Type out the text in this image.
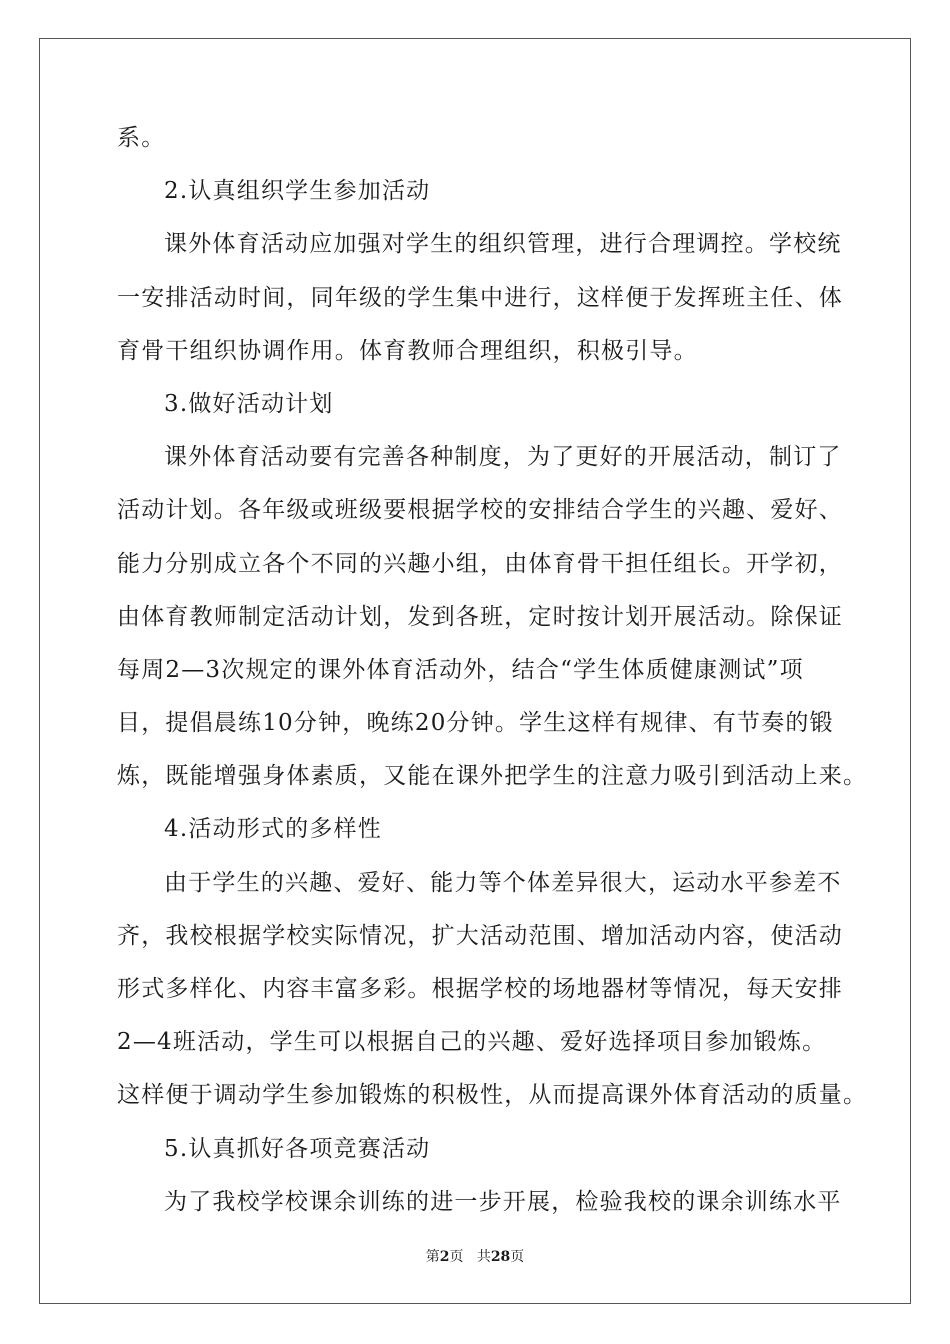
系。
2.认真组织学生参加活动
课外体育活动应加强对学生的组织管理，进行合理调控。学校统
一安排活动时间，同年级的学生集中进行，这样便于发挥班主任、体
育骨干组织协调作用。体育教师合理组织，积极引导。
3.做好活动计划
课外体育活动要有完善各种制度，为了更好的开展活动，制订了
活动计划。各年级或班级要根据学校的安排结合学生的兴趣、爱好、
能力分别成立各个不同的兴趣小组，由体育骨干担任组长。开学初，
由体育教师制定活动计划，发到各班，定时按计划开展活动。除保证
每周2—3次规定的课外体育活动外，结合“学生体质健康测试”项
目，提倡晨练10分钟，晚练20分钟。学生这样有规律、有节奏的锻
炼，既能增强身体素质，又能在课外把学生的注意力吸引到活动上来。
4.活动形式的多样性
由于学生的兴趣、爱好、能力等个体差异很大，运动水平参差不
齐，我校根据学校实际情况，扩大活动范围、增加活动内容，使活动
形式多样化、内容丰富多彩。根据学校的场地器材等情况，每天安排
2—4班活动，学生可以根据自己的兴趣、爱好选择项目参加锻炼。
这样便于调动学生参加锻炼的积极性，从而提高课外体育活动的质量。
5.认真抓好各项竞赛活动
为了我校学校课余训练的进一步开展，检验我校的课余训练水平
第2页 共28页
